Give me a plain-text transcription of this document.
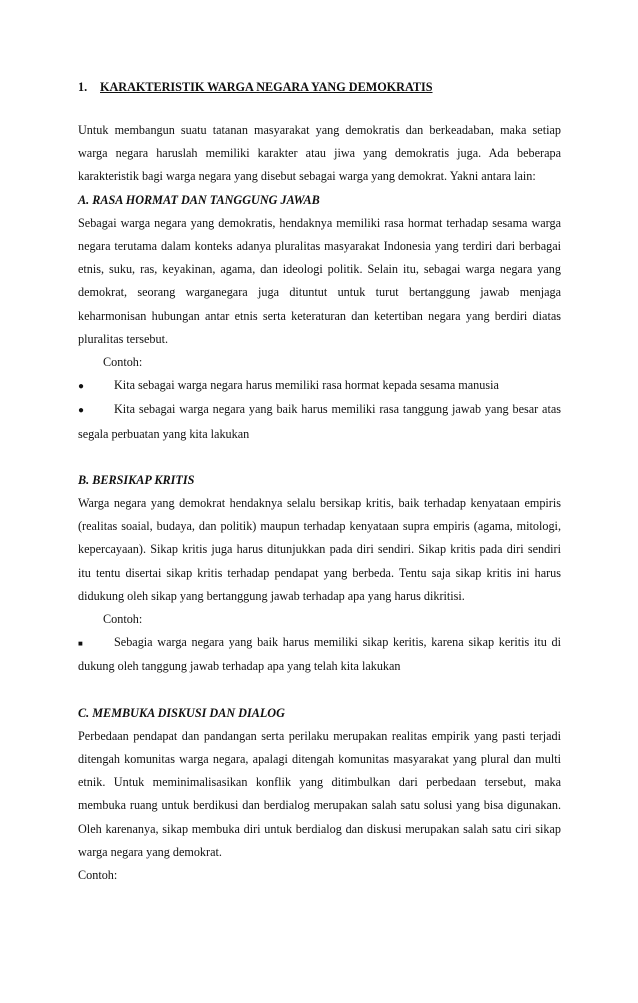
1. KARAKTERISTIK WARGA NEGARA YANG DEMOKRATIS

Untuk membangun suatu tatanan masyarakat yang demokratis dan berkeadaban, maka setiap warga negara haruslah memiliki karakter atau jiwa yang demokratis juga. Ada beberapa karakteristik bagi warga negara yang disebut sebagai warga yang demokrat. Yakni antara lain:

A. RASA HORMAT DAN TANGGUNG JAWAB

Sebagai warga negara yang demokratis, hendaknya memiliki rasa hormat terhadap sesama warga negara terutama dalam konteks adanya pluralitas masyarakat Indonesia yang terdiri dari berbagai etnis, suku, ras, keyakinan, agama, dan ideologi politik. Selain itu, sebagai warga negara yang demokrat, seorang warganegara juga dituntut untuk turut bertanggung jawab menjaga keharmonisan hubungan antar etnis serta keteraturan dan ketertiban negara yang berdiri diatas pluralitas tersebut.

Contoh:
● Kita sebagai warga negara harus memiliki rasa hormat kepada sesama manusia
● Kita sebagai warga negara yang baik harus memiliki rasa tanggung jawab yang besar atas segala perbuatan yang kita lakukan
B. BERSIKAP KRITIS

Warga negara yang demokrat hendaknya selalu bersikap kritis, baik terhadap kenyataan empiris (realitas soaial, budaya, dan politik) maupun terhadap kenyataan supra empiris (agama, mitologi, kepercayaan). Sikap kritis juga harus ditunjukkan pada diri sendiri. Sikap kritis pada diri sendiri itu tentu disertai sikap kritis terhadap pendapat yang berbeda. Tentu saja sikap kritis ini harus didukung oleh sikap yang bertanggung jawab terhadap apa yang harus dikritisi.

Contoh:
■	Sebagia warga negara yang baik harus memiliki sikap keritis, karena sikap keritis itu di dukung oleh tanggung jawab terhadap apa yang telah kita lakukan
C. MEMBUKA DISKUSI DAN DIALOG

Perbedaan pendapat dan pandangan serta perilaku merupakan realitas empirik yang pasti terjadi ditengah komunitas warga negara, apalagi ditengah komunitas masyarakat yang plural dan multi etnik. Untuk meminimalisasikan konflik yang ditimbulkan dari perbedaan tersebut, maka membuka ruang untuk berdikusi dan berdialog merupakan salah satu solusi yang bisa digunakan. Oleh karenanya, sikap membuka diri untuk berdialog dan diskusi merupakan salah satu ciri sikap warga negara yang demokrat.

Contoh:
